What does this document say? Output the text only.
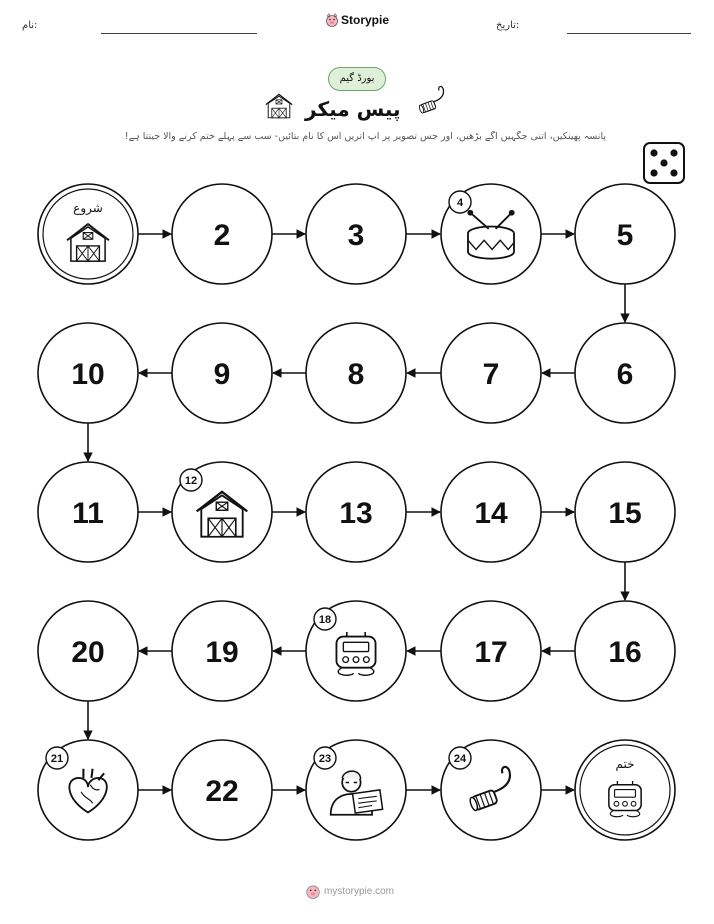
نام:	Storypie	تاریخ:
بورڈ گیم
پیس میکر
پانسہ پھینکیں، اتنی جگہیں آگے بڑھیں، اور جس تصویر پر آپ اتریں اس کا نام بتائیں- سب سے پہلے ختم کرنے والا جیتتا ہے!
شروع
2	3
4
5
6
7
8
9
10
11
12
13	14	15
16
17
18
19
20
21
22
23	24	ختم
mystorypie.com
